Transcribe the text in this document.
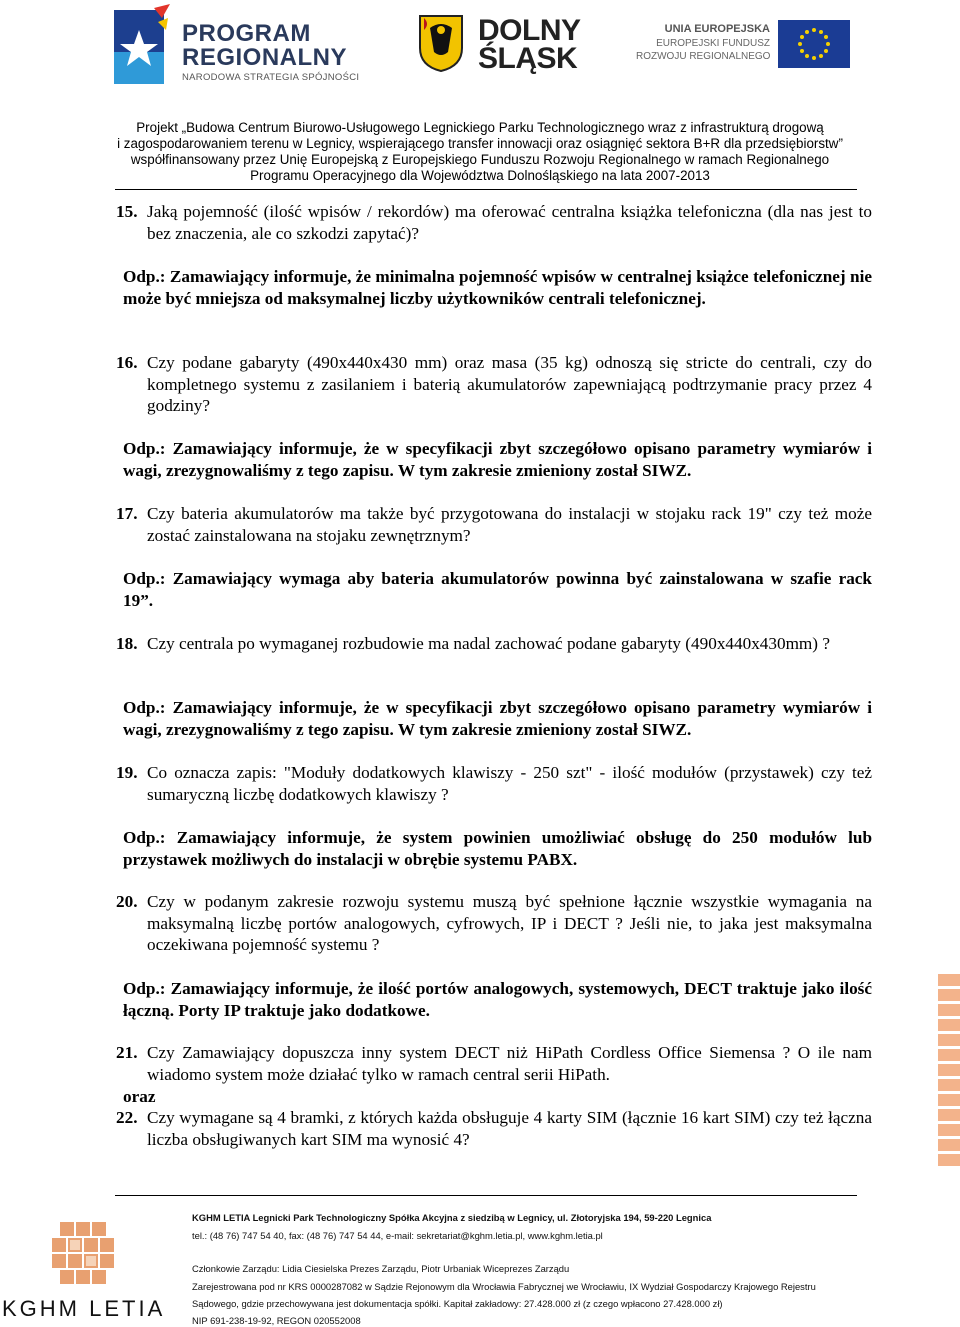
PROGRAM
REGIONALNY
NARODOWA STRATEGIA SPÓJNOŚCI
DOLNY
ŚLĄSK
UNIA EUROPEJSKA
EUROPEJSKI FUNDUSZ
ROZWOJU REGIONALNEGO
Projekt „Budowa Centrum Biurowo-Usługowego Legnickiego Parku Technologicznego wraz z infrastrukturą drogową
i zagospodarowaniem terenu w Legnicy, wspierającego transfer innowacji oraz osiągnięć sektora B+R dla przedsiębiorstw”
współfinansowany przez Unię Europejską z Europejskiego Funduszu Rozwoju Regionalnego w ramach Regionalnego
Programu Operacyjnego dla Województwa Dolnośląskiego na lata 2007-2013
15. Jaką pojemność (ilość wpisów / rekordów) ma oferować centralna książka telefoniczna (dla nas jest to bez znaczenia, ale co szkodzi zapytać)?
Odp.: Zamawiający informuje, że minimalna pojemność wpisów w centralnej książce telefonicznej nie może być mniejsza od maksymalnej liczby użytkowników centrali telefonicznej.
16. Czy podane gabaryty (490x440x430 mm) oraz masa (35 kg) odnoszą się stricte do centrali, czy do kompletnego systemu z zasilaniem i baterią akumulatorów zapewniającą podtrzymanie pracy przez 4 godziny?
Odp.: Zamawiający informuje, że w specyfikacji zbyt szczegółowo opisano parametry wymiarów i wagi, zrezygnowaliśmy z tego zapisu. W tym zakresie zmieniony został SIWZ.
17. Czy bateria akumulatorów ma także być przygotowana do instalacji w stojaku rack 19" czy też może zostać zainstalowana na stojaku zewnętrznym?
Odp.: Zamawiający wymaga aby bateria akumulatorów powinna być zainstalowana w szafie rack 19”.
18. Czy centrala po wymaganej rozbudowie ma nadal zachować podane gabaryty (490x440x430mm) ?
Odp.: Zamawiający informuje, że w specyfikacji zbyt szczegółowo opisano parametry wymiarów i wagi, zrezygnowaliśmy z tego zapisu. W tym zakresie zmieniony został SIWZ.
19. Co oznacza zapis: "Moduły dodatkowych klawiszy - 250 szt" - ilość modułów (przystawek) czy też sumaryczną liczbę dodatkowych klawiszy ?
Odp.: Zamawiający informuje, że system powinien umożliwiać obsługę do 250 modułów lub przystawek możliwych do instalacji w obrębie systemu PABX.
20. Czy w podanym zakresie rozwoju systemu muszą być spełnione łącznie wszystkie wymagania na maksymalną liczbę portów analogowych, cyfrowych, IP i DECT ? Jeśli nie, to jaka jest maksymalna oczekiwana pojemność systemu ?
Odp.: Zamawiający informuje, że ilość portów analogowych, systemowych, DECT traktuje jako ilość łączną. Porty IP traktuje jako dodatkowe.
21. Czy Zamawiający dopuszcza inny system DECT niż HiPath Cordless Office Siemensa ? O ile nam wiadomo system może działać tylko w ramach central serii HiPath.
oraz
22. Czy wymagane są 4 bramki, z których każda obsługuje 4 karty SIM (łącznie 16 kart SIM) czy też łączna liczba obsługiwanych kart SIM ma wynosić 4?
KGHM LETIA
KGHM LETIA Legnicki Park Technologiczny Spółka Akcyjna z siedzibą w Legnicy, ul. Złotoryjska 194, 59-220 Legnica
tel.: (48 76) 747 54 40, fax: (48 76) 747 54 44, e-mail: sekretariat@kghm.letia.pl, www.kghm.letia.pl
Członkowie Zarządu: Lidia Ciesielska Prezes Zarządu, Piotr Urbaniak Wiceprezes Zarządu
Zarejestrowana pod nr KRS 0000287082 w Sądzie Rejonowym dla Wrocławia Fabrycznej we Wrocławiu, IX Wydział Gospodarczy Krajowego Rejestru
Sądowego, gdzie przechowywana jest dokumentacja spółki. Kapitał zakładowy: 27.428.000 zł (z czego wpłacono 27.428.000 zł)
NIP 691-238-19-92, REGON 020552008
